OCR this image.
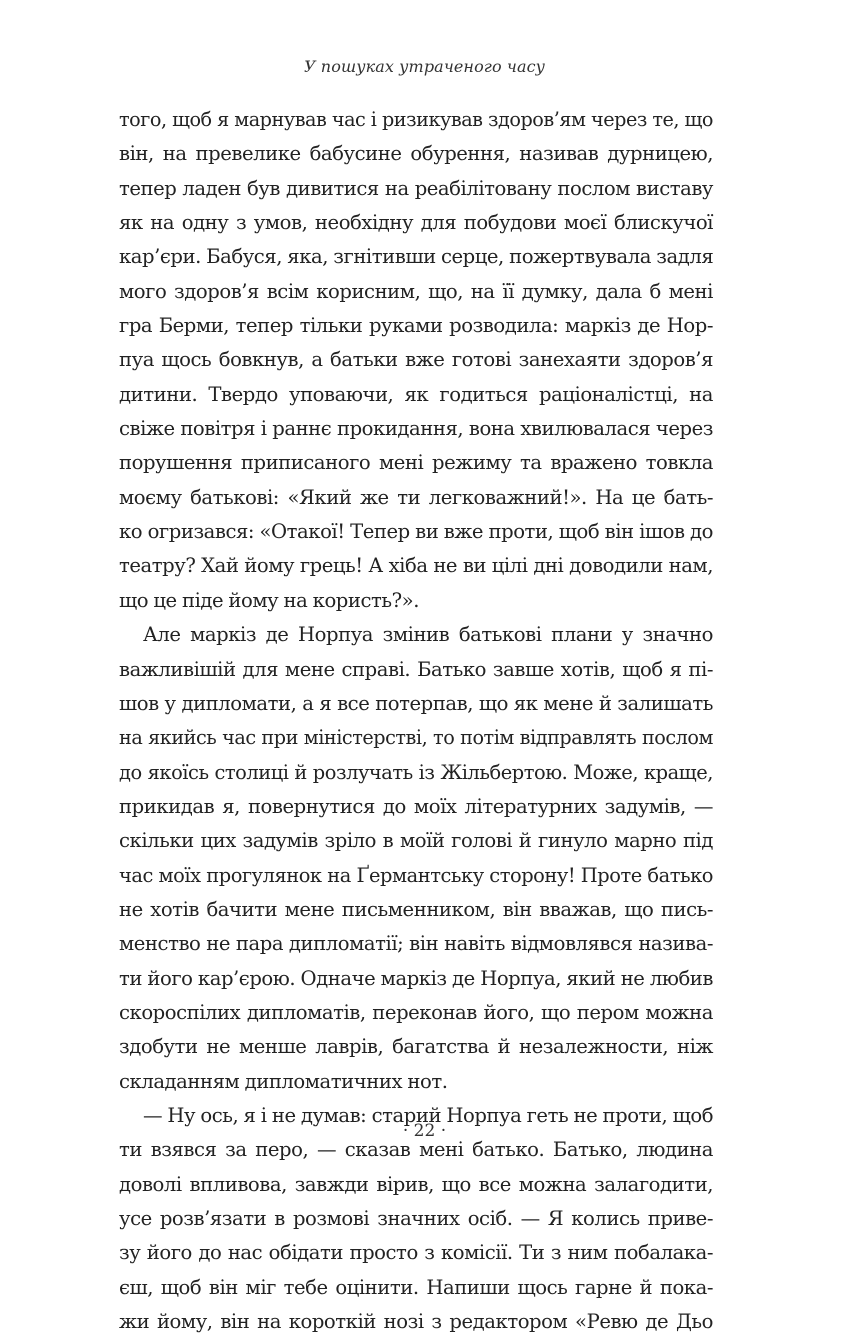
У пошуках утраченого часу
того, щоб я марнував час і ризикував здоров’ям через те, що
він, на превелике бабусине обурення, називав дурницею,
тепер ладен був дивитися на реабілітовану послом виставу
як на одну з умов, необхідну для побудови моєї блискучої
кар’єри. Бабуся, яка, згнітивши серце, пожертвувала задля
мого здоров’я всім корисним, що, на її думку, дала б мені
гра Берми, тепер тільки руками розводила: маркіз де Нор-
пуа щось бовкнув, а батьки вже готові занехаяти здоров’я
дитини. Твердо уповаючи, як годиться раціоналістці, на
свіже повітря і раннє прокидання, вона хвилювалася через
порушення приписаного мені режиму та вражено товкла
моєму батькові: «Який же ти легковажний!». На це бать-
ко огризався: «Отакої! Тепер ви вже проти, щоб він ішов до
театру? Хай йому грець! А хіба не ви цілі дні доводили нам,
що це піде йому на користь?».
Але маркіз де Норпуа змінив батькові плани у значно
важливішій для мене справі. Батько завше хотів, щоб я пі-
шов у дипломати, а я все потерпав, що як мене й залишать
на якийсь час при міністерстві, то потім відправлять послом
до якоїсь столиці й розлучать із Жільбертою. Може, краще,
прикидав я, повернутися до моїх літературних задумів, —
скільки цих задумів зріло в моїй голові й гинуло марно під
час моїх прогулянок на Ґермантську сторону! Проте батько
не хотів бачити мене письменником, він вважав, що пись-
менство не пара дипломатії; він навіть відмовлявся назива-
ти його кар’єрою. Одначе маркіз де Норпуа, який не любив
скороспілих дипломатів, переконав його, що пером можна
здобути не менше лаврів, багатства й незалежности, ніж
складанням дипломатичних нот.
— Ну ось, я і не думав: старий Норпуа геть не проти, щоб
ти взявся за перо, — сказав мені батько. Батько, людина
доволі впливова, завжди вірив, що все можна залагодити,
усе розв’язати в розмові значних осіб. — Я колись приве-
зу його до нас обідати просто з комісії. Ти з ним побалака-
єш, щоб він міг тебе оцінити. Напиши щось гарне й пока-
жи йому, він на короткій нозі з редактором «Ревю де Дьо
· 22 ·
